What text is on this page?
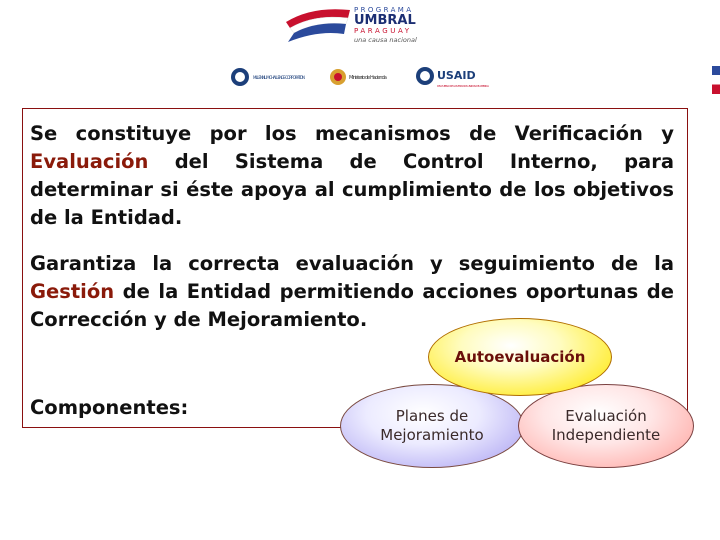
PROGRAMA
UMBRAL
PARAGUAY
una causa nacional
MILLENNIUM CHALLENGE CORPORATION	Ministerio de Hacienda	USAID
DEL PUEBLO DE LOS ESTADOS UNIDOS DE AMERICA

Se constituye por los mecanismos de Verificación y Evaluación del Sistema de Control Interno, para determinar si éste apoya al cumplimiento de los objetivos de la Entidad.

Garantiza la correcta evaluación y seguimiento de la Gestión de la Entidad permitiendo acciones oportunas de Corrección y de Mejoramiento.

Componentes:	Planes de Mejoramiento
Evaluación Independiente
Autoevaluación
